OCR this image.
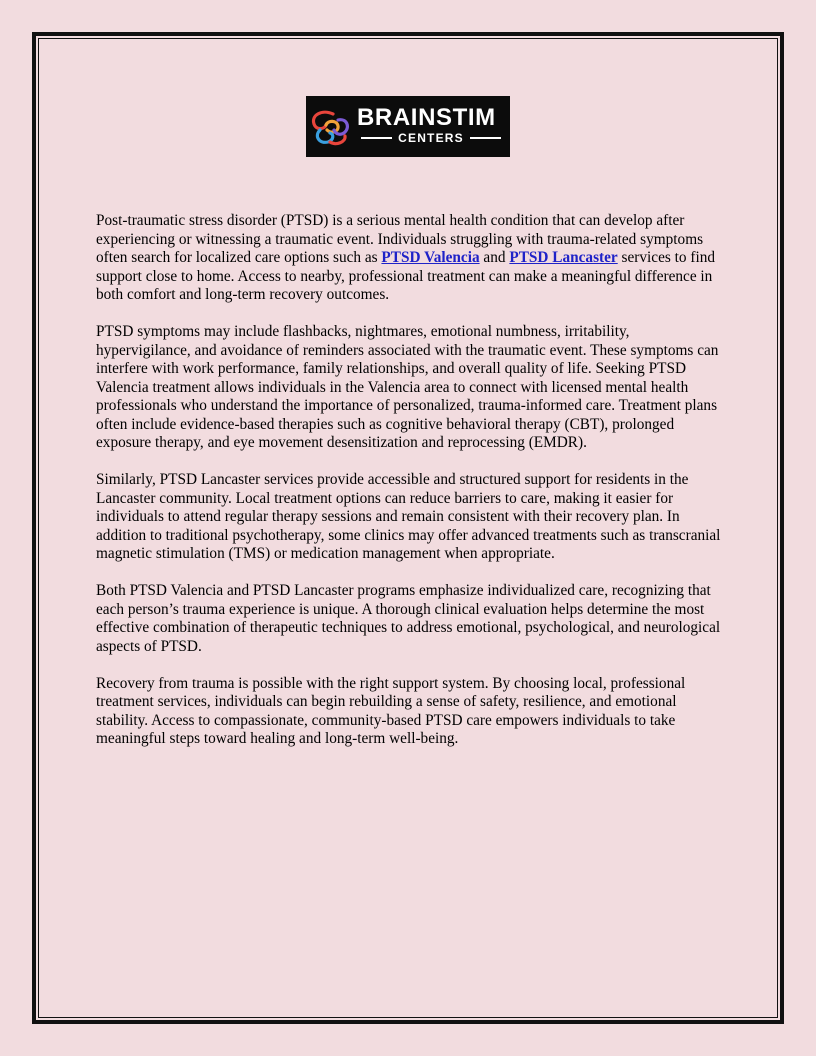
BRAINSTIM
CENTERS

Post-traumatic stress disorder (PTSD) is a serious mental health condition that can develop after experiencing or witnessing a traumatic event. Individuals struggling with trauma-related symptoms often search for localized care options such as PTSD Valencia and PTSD Lancaster services to find support close to home. Access to nearby, professional treatment can make a meaningful difference in both comfort and long-term recovery outcomes.

PTSD symptoms may include flashbacks, nightmares, emotional numbness, irritability, hypervigilance, and avoidance of reminders associated with the traumatic event. These symptoms can interfere with work performance, family relationships, and overall quality of life. Seeking PTSD Valencia treatment allows individuals in the Valencia area to connect with licensed mental health professionals who understand the importance of personalized, trauma-informed care. Treatment plans often include evidence-based therapies such as cognitive behavioral therapy (CBT), prolonged exposure therapy, and eye movement desensitization and reprocessing (EMDR).

Similarly, PTSD Lancaster services provide accessible and structured support for residents in the Lancaster community. Local treatment options can reduce barriers to care, making it easier for individuals to attend regular therapy sessions and remain consistent with their recovery plan. In addition to traditional psychotherapy, some clinics may offer advanced treatments such as transcranial magnetic stimulation (TMS) or medication management when appropriate.

Both PTSD Valencia and PTSD Lancaster programs emphasize individualized care, recognizing that each person’s trauma experience is unique. A thorough clinical evaluation helps determine the most effective combination of therapeutic techniques to address emotional, psychological, and neurological aspects of PTSD.

Recovery from trauma is possible with the right support system. By choosing local, professional treatment services, individuals can begin rebuilding a sense of safety, resilience, and emotional stability. Access to compassionate, community-based PTSD care empowers individuals to take meaningful steps toward healing and long-term well-being.
